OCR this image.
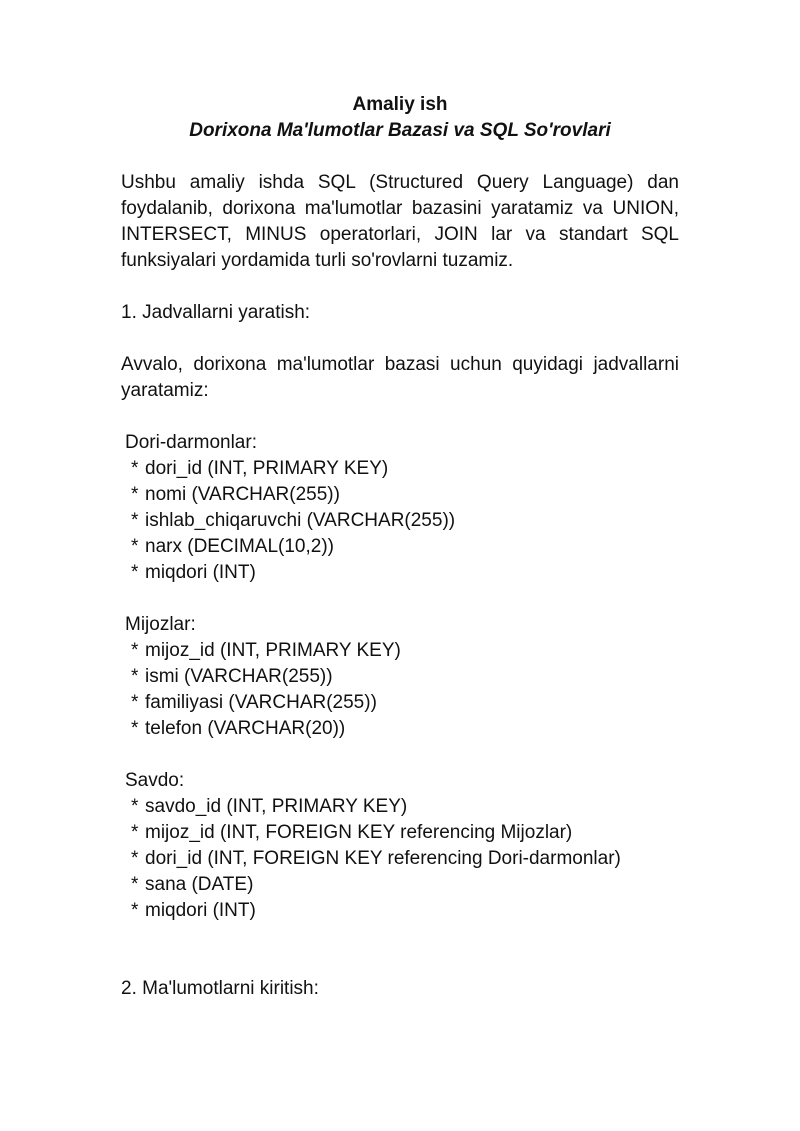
Amaliy ish

Dorixona Ma'lumotlar Bazasi va SQL So'rovlari

Ushbu amaliy ishda SQL (Structured Query Language) dan foydalanib, dorixona ma'lumotlar bazasini yaratamiz va UNION, INTERSECT, MINUS operatorlari, JOIN lar va standart SQL funksiyalari yordamida turli so'rovlarni tuzamiz.

1. Jadvallarni yaratish:

Avvalo, dorixona ma'lumotlar bazasi uchun quyidagi jadvallarni yaratamiz:

Dori-darmonlar:

* dori_id (INT, PRIMARY KEY)
* nomi (VARCHAR(255))
* ishlab_chiqaruvchi (VARCHAR(255))
* narx (DECIMAL(10,2))
* miqdori (INT)

Mijozlar:

* mijoz_id (INT, PRIMARY KEY)
* ismi (VARCHAR(255))
* familiyasi (VARCHAR(255))
* telefon (VARCHAR(20))

Savdo:

* savdo_id (INT, PRIMARY KEY)
* mijoz_id (INT, FOREIGN KEY referencing Mijozlar)
* dori_id (INT, FOREIGN KEY referencing Dori-darmonlar)
* sana (DATE)
* miqdori (INT)

2. Ma'lumotlarni kiritish:
